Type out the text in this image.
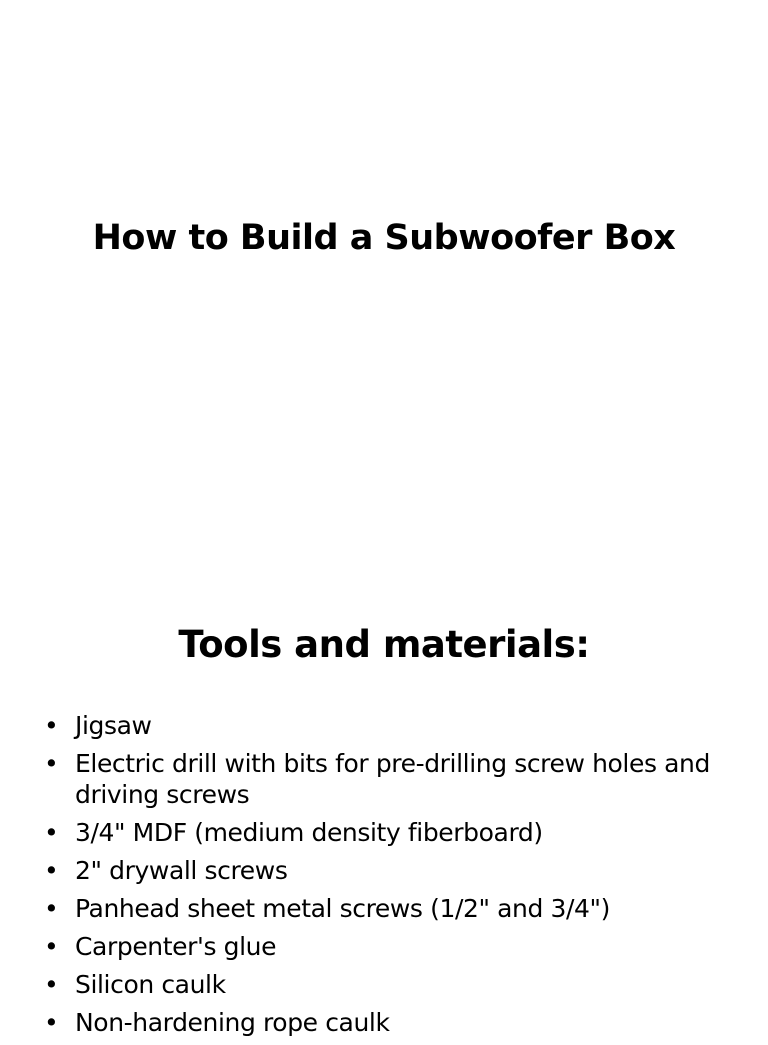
How to Build a Subwoofer Box
Tools and materials:
• Jigsaw
• Electric drill with bits for pre-drilling screw holes and driving screws
• 3/4" MDF (medium density fiberboard)
• 2" drywall screws
• Panhead sheet metal screws (1/2" and 3/4")
• Carpenter's glue
• Silicon caulk
• Non-hardening rope caulk
